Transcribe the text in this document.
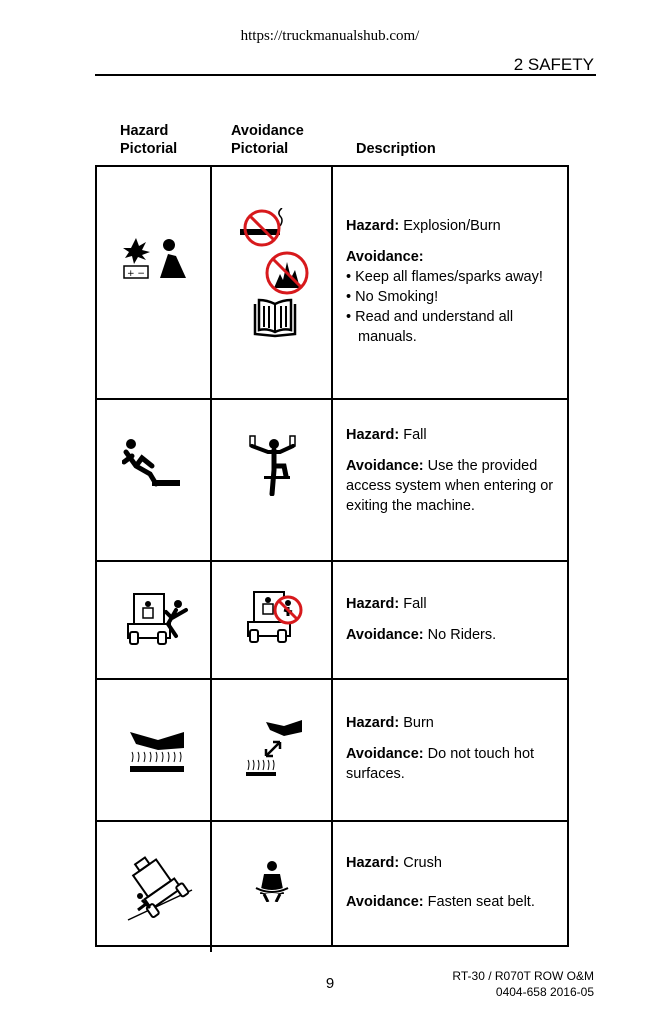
https://truckmanualshub.com/
2 SAFETY
Hazard
Pictorial
Avoidance
Pictorial	Description

Hazard: Explosion/Burn

Avoidance:

• Keep all flames/sparks away!
• No Smoking!
• Read and understand all manuals.
+ −

Hazard: Fall

Avoidance: Use the provided access system when entering or exiting the machine.

Hazard: Fall

Avoidance: No Riders.

Hazard: Burn

Avoidance: Do not touch hot surfaces.

Hazard: Crush

Avoidance: Fasten seat belt.

9	RT-30 / R070T ROW O&M
0404-658 2016-05
